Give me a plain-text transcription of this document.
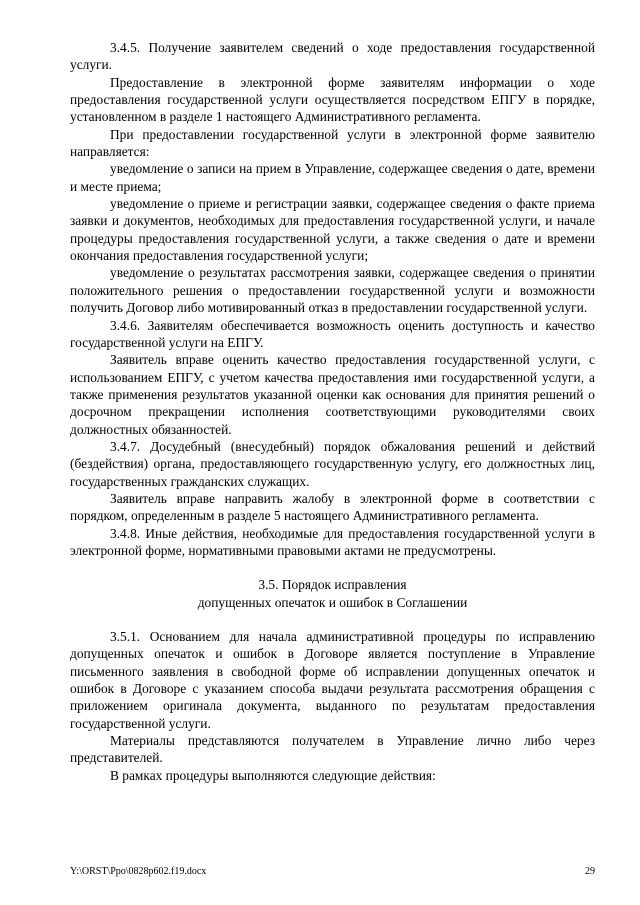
3.4.5. Получение заявителем сведений о ходе предоставления государственной услуги.

Предоставление в электронной форме заявителям информации о ходе предоставления государственной услуги осуществляется посредством ЕПГУ в порядке, установленном в разделе 1 настоящего Административного регламента.

При предоставлении государственной услуги в электронной форме заявителю направляется:

уведомление о записи на прием в Управление, содержащее сведения о дате, времени и месте приема;

уведомление о приеме и регистрации заявки, содержащее сведения о факте приема заявки и документов, необходимых для предоставления государственной услуги, и начале процедуры предоставления государственной услуги, а также сведения о дате и времени окончания предоставления государственной услуги;

уведомление о результатах рассмотрения заявки, содержащее сведения о принятии положительного решения о предоставлении государственной услуги и возможности получить Договор либо мотивированный отказ в предоставлении государственной услуги.

3.4.6. Заявителям обеспечивается возможность оценить доступность и качество государственной услуги на ЕПГУ.

Заявитель вправе оценить качество предоставления государственной услуги, с использованием ЕПГУ, с учетом качества предоставления ими государственной услуги, а также применения результатов указанной оценки как основания для принятия решений о досрочном прекращении исполнения соответствующими руководителями своих должностных обязанностей.

3.4.7. Досудебный (внесудебный) порядок обжалования решений и действий (бездействия) органа, предоставляющего государственную услугу, его должностных лиц, государственных гражданских служащих.

Заявитель вправе направить жалобу в электронной форме в соответствии с порядком, определенным в разделе 5 настоящего Административного регламента.

3.4.8. Иные действия, необходимые для предоставления государственной услуги в электронной форме, нормативными правовыми актами не предусмотрены.

3.5. Порядок исправления

допущенных опечаток и ошибок в Соглашении

3.5.1. Основанием для начала административной процедуры по исправлению допущенных опечаток и ошибок в Договоре является поступление в Управление письменного заявления в свободной форме об исправлении допущенных опечаток и ошибок в Договоре с указанием способа выдачи результата рассмотрения обращения с приложением оригинала документа, выданного по результатам предоставления государственной услуги.

Материалы представляются получателем в Управление лично либо через представителей.

В рамках процедуры выполняются следующие действия:

Y:\ORST\Ppo\0828p602.f19.docx	29
